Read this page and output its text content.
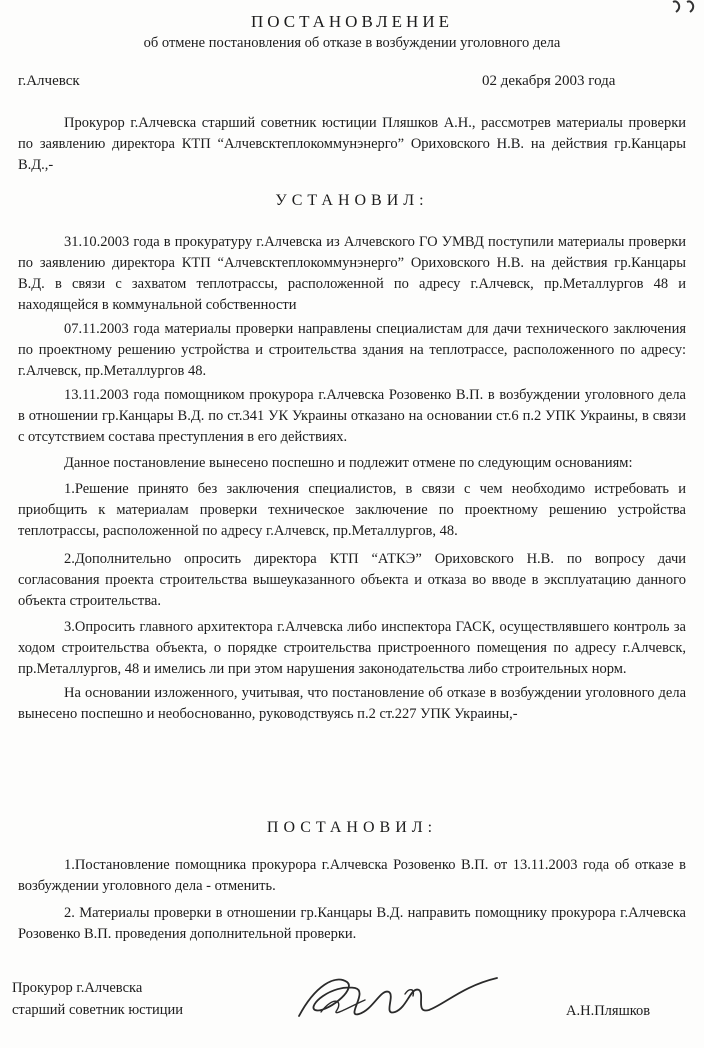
ПОСТАНОВЛЕНИЕ
об отмене постановления об отказе в возбуждении уголовного дела
г.Алчевск	02 декабря 2003 года

Прокурор г.Алчевска старший советник юстиции Пляшков А.Н., рассмотрев материалы проверки по заявлению директора КТП “Алчевсктеплокоммунэнерго” Ориховского Н.В. на действия гр.Канцары В.Д.,-

УСТАНОВИЛ:

31.10.2003 года в прокуратуру г.Алчевска из Алчевского ГО УМВД поступили материалы проверки по заявлению директора КТП “Алчевсктеплокоммунэнерго” Ориховского Н.В. на действия гр.Канцары В.Д. в связи с захватом теплотрассы, расположенной по адресу г.Алчевск, пр.Металлургов 48 и находящейся в коммунальной собственности

07.11.2003 года материалы проверки направлены специалистам для дачи технического заключения по проектному решению устройства и строительства здания на теплотрассе, расположенного по адресу: г.Алчевск, пр.Металлургов 48.

13.11.2003 года помощником прокурора г.Алчевска Розовенко В.П. в возбуждении уголовного дела в отношении гр.Канцары В.Д. по ст.341 УК Украины отказано на основании ст.6 п.2 УПК Украины, в связи с отсутствием состава преступления в его действиях.

Данное постановление вынесено поспешно и подлежит отмене по следующим основаниям:

1.Решение принято без заключения специалистов, в связи с чем необходимо истребовать и приобщить к материалам проверки техническое заключение по проектному решению устройства теплотрассы, расположенной по адресу г.Алчевск, пр.Металлургов, 48.

2.Дополнительно опросить директора КТП “АТКЭ” Ориховского Н.В. по вопросу дачи согласования проекта строительства вышеуказанного объекта и отказа во вводе в эксплуатацию данного объекта строительства.

3.Опросить главного архитектора г.Алчевска либо инспектора ГАСК, осуществлявшего контроль за ходом строительства объекта, о порядке строительства пристроенного помещения по адресу г.Алчевск, пр.Металлургов, 48 и имелись ли при этом нарушения законодательства либо строительных норм.

На основании изложенного, учитывая, что постановление об отказе в возбуждении уголовного дела вынесено поспешно и необоснованно, руководствуясь п.2 ст.227 УПК Украины,-

ПОСТАНОВИЛ:

1.Постановление помощника прокурора г.Алчевска Розовенко В.П. от 13.11.2003 года об отказе в возбуждении уголовного дела - отменить.

2. Материалы проверки в отношении гр.Канцары В.Д. направить помощнику прокурора г.Алчевска Розовенко В.П. проведения дополнительной проверки.

Прокурор г.Алчевска
старший советник юстиции	А.Н.Пляшков
